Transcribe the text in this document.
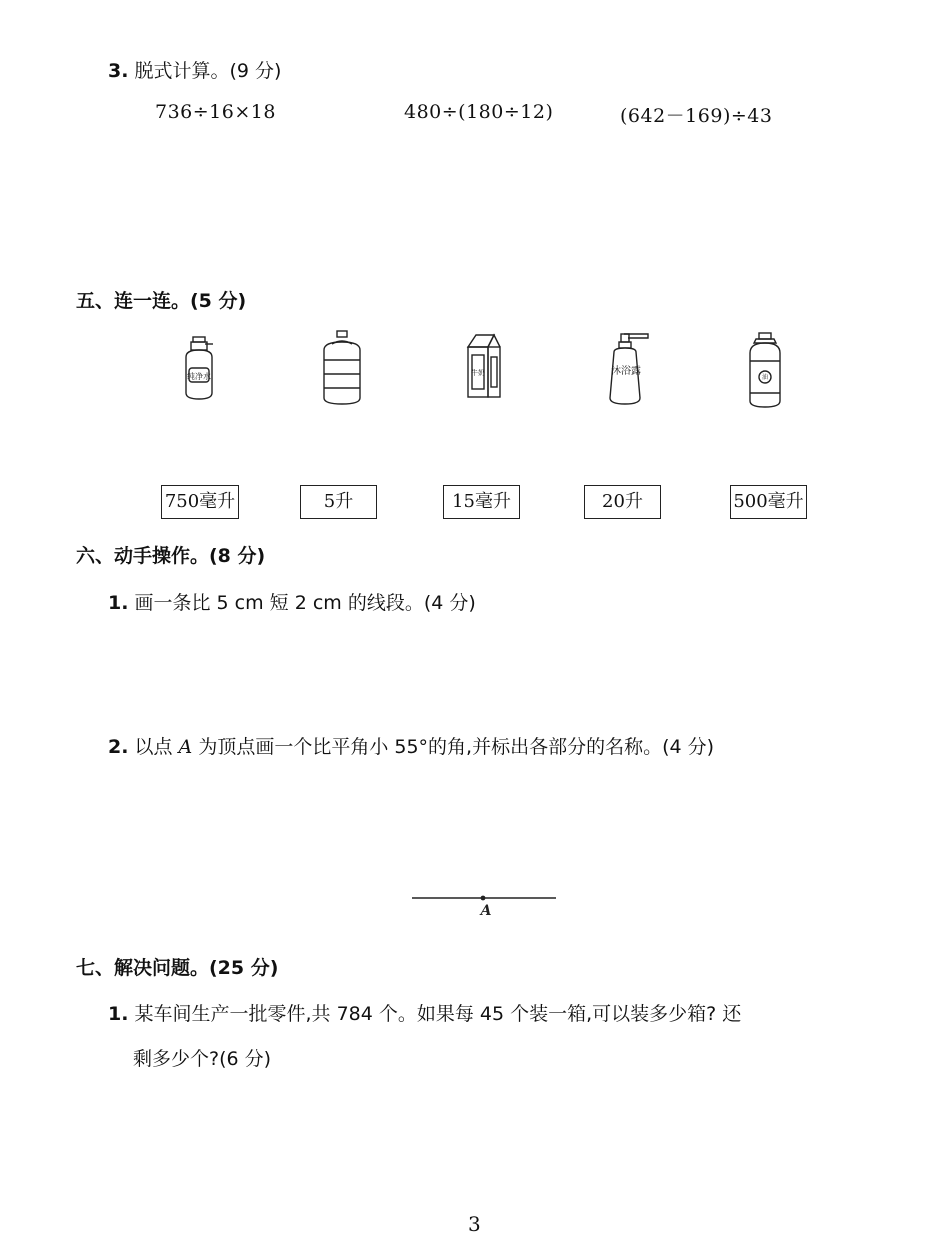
3. 脱式计算。(9 分)
736÷16×18	480÷(180÷12)	(642－169)÷43
五、连一连。(5 分)
纯净水	牛奶	沐浴露
油
750毫升	5升	15毫升	20升	500毫升
六、动手操作。(8 分)
1. 画一条比 5 cm 短 2 cm 的线段。(4 分)
2. 以点 A 为顶点画一个比平角小 55°的角,并标出各部分的名称。(4 分)
A
七、解决问题。(25 分)
1. 某车间生产一批零件,共 784 个。如果每 45 个装一箱,可以装多少箱? 还
剩多少个?(6 分)
3
